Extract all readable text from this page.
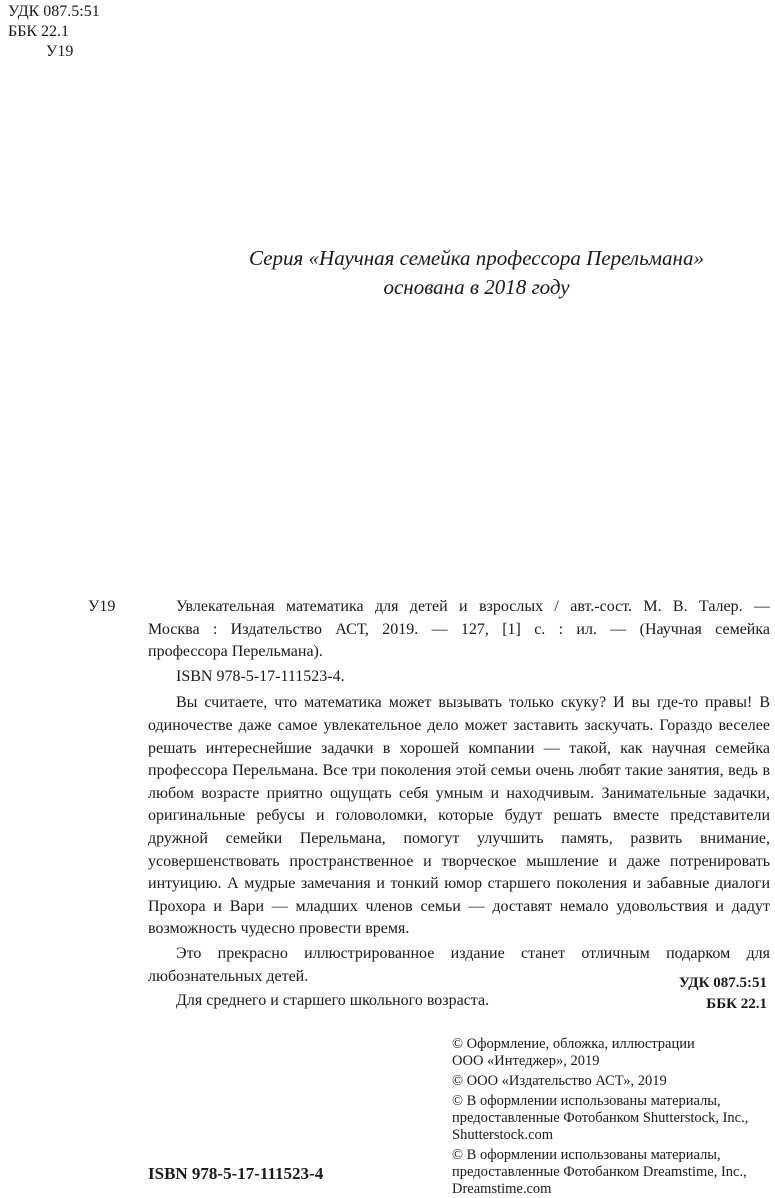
УДК 087.5:51
ББК 22.1
У19
Серия «Научная семейка профессора Перельмана»
основана в 2018 году
У19	Увлекательная математика для детей и взрослых / авт.-сост. М. В. Талер. —

Москва : Издательство АСТ, 2019. — 127, [1] с. : ил. — (Научная семейка

профессора Перельмана).

ISBN 978-5-17-111523-4.

Вы считаете, что математика может вызывать только скуку? И вы где-то правы! В одиночестве даже самое увлекательное дело может заставить заскучать. Гораздо веселее решать интереснейшие задачки в хорошей компании — такой, как научная семейка профессора Перельмана. Все три поколения этой семьи очень любят такие занятия, ведь в любом возрасте приятно ощущать себя умным и находчивым. Занимательные задачки, оригинальные ребусы и головоломки, которые будут решать вместе представители дружной семейки Перельмана, помогут улучшить память, развить внимание, усовершенствовать пространственное и творческое мышление и даже потренировать интуицию. А мудрые замечания и тонкий юмор старшего поколения и забавные диалоги Прохора и Вари — младших членов семьи — доставят немало удовольствия и дадут возможность чудесно провести время.

Это прекрасно иллюстрированное издание станет отличным подарком для любознательных детей.

Для среднего и старшего школьного возраста.

УДК 087.5:51
ББК 22.1
© Оформление, обложка, иллюстрации
ООО «Интеджер», 2019
© ООО «Издательство АСТ», 2019
© В оформлении использованы материалы,
предоставленные Фотобанком Shutterstock, Inc.,
Shutterstock.com
© В оформлении использованы материалы,
предоставленные Фотобанком Dreamstime, Inc.,
Dreamstime.com
ISBN 978-5-17-111523-4
